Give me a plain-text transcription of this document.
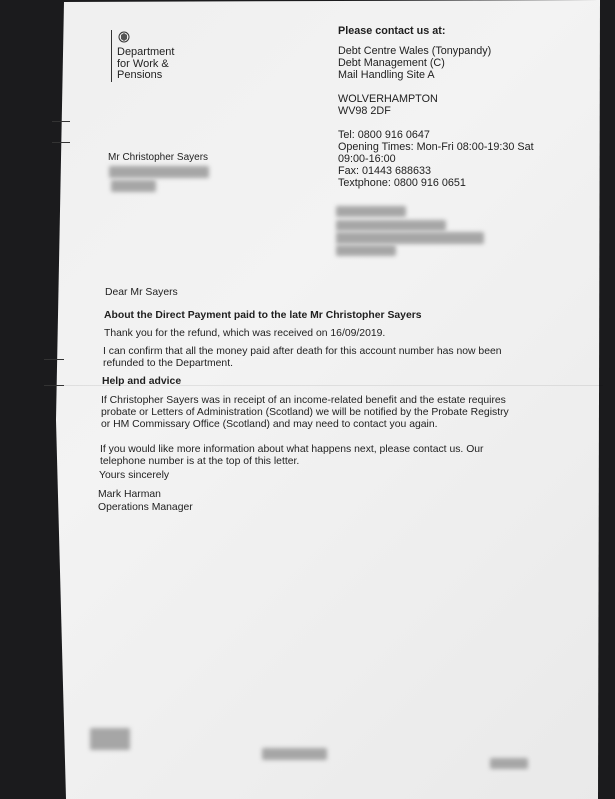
Department
for Work &
Pensions
Mr Christopher Sayers
Please contact us at:
Debt Centre Wales (Tonypandy)
Debt Management (C)
Mail Handling Site A
WOLVERHAMPTON
WV98 2DF
Tel: 0800 916 0647
Opening Times: Mon-Fri 08:00-19:30 Sat
09:00-16:00
Fax: 01443 688633
Textphone: 0800 916 0651
Dear Mr Sayers
About the Direct Payment paid to the late Mr Christopher Sayers
Thank you for the refund, which was received on 16/09/2019.
I can confirm that all the money paid after death for this account number has now been
refunded to the Department.
Help and advice
If Christopher Sayers was in receipt of an income-related benefit and the estate requires
probate or Letters of Administration (Scotland) we will be notified by the Probate Registry
or HM Commissary Office (Scotland) and may need to contact you again.
If you would like more information about what happens next, please contact us. Our
telephone number is at the top of this letter.
Yours sincerely
Mark Harman
Operations Manager
